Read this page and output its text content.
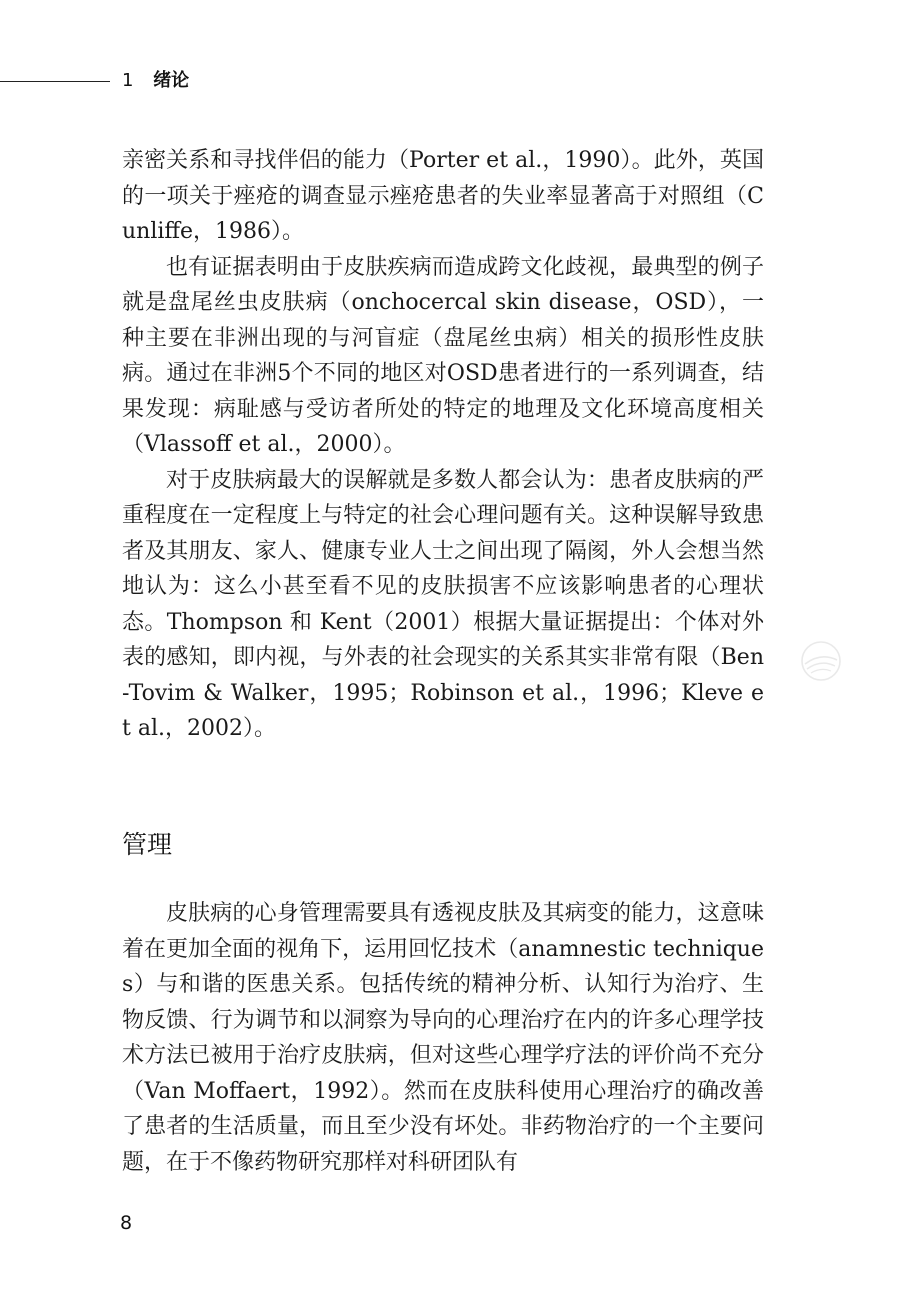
1 绪论

亲密关系和寻找伴侣的能力（Porter et al.，1990）。此外，英国的一项关于痤疮的调查显示痤疮患者的失业率显著高于对照组（Cunliffe，1986）。

也有证据表明由于皮肤疾病而造成跨文化歧视，最典型的例子就是盘尾丝虫皮肤病（onchocercal skin disease，OSD），一种主要在非洲出现的与河盲症（盘尾丝虫病）相关的损形性皮肤病。通过在非洲5个不同的地区对OSD患者进行的一系列调查，结果发现：病耻感与受访者所处的特定的地理及文化环境高度相关（Vlassoff et al.，2000）。

对于皮肤病最大的误解就是多数人都会认为：患者皮肤病的严重程度在一定程度上与特定的社会心理问题有关。这种误解导致患者及其朋友、家人、健康专业人士之间出现了隔阂，外人会想当然地认为：这么小甚至看不见的皮肤损害不应该影响患者的心理状态。Thompson 和 Kent（2001）根据大量证据提出：个体对外表的感知，即内视，与外表的社会现实的关系其实非常有限（Ben-Tovim & Walker，1995；Robinson et al.，1996；Kleve et al.，2002）。

管理

皮肤病的心身管理需要具有透视皮肤及其病变的能力，这意味着在更加全面的视角下，运用回忆技术（anamnestic techniques）与和谐的医患关系。包括传统的精神分析、认知行为治疗、生物反馈、行为调节和以洞察为导向的心理治疗在内的许多心理学技术方法已被用于治疗皮肤病，但对这些心理学疗法的评价尚不充分（Van Moffaert，1992）。然而在皮肤科使用心理治疗的确改善了患者的生活质量，而且至少没有坏处。非药物治疗的一个主要问题，在于不像药物研究那样对科研团队有

8
